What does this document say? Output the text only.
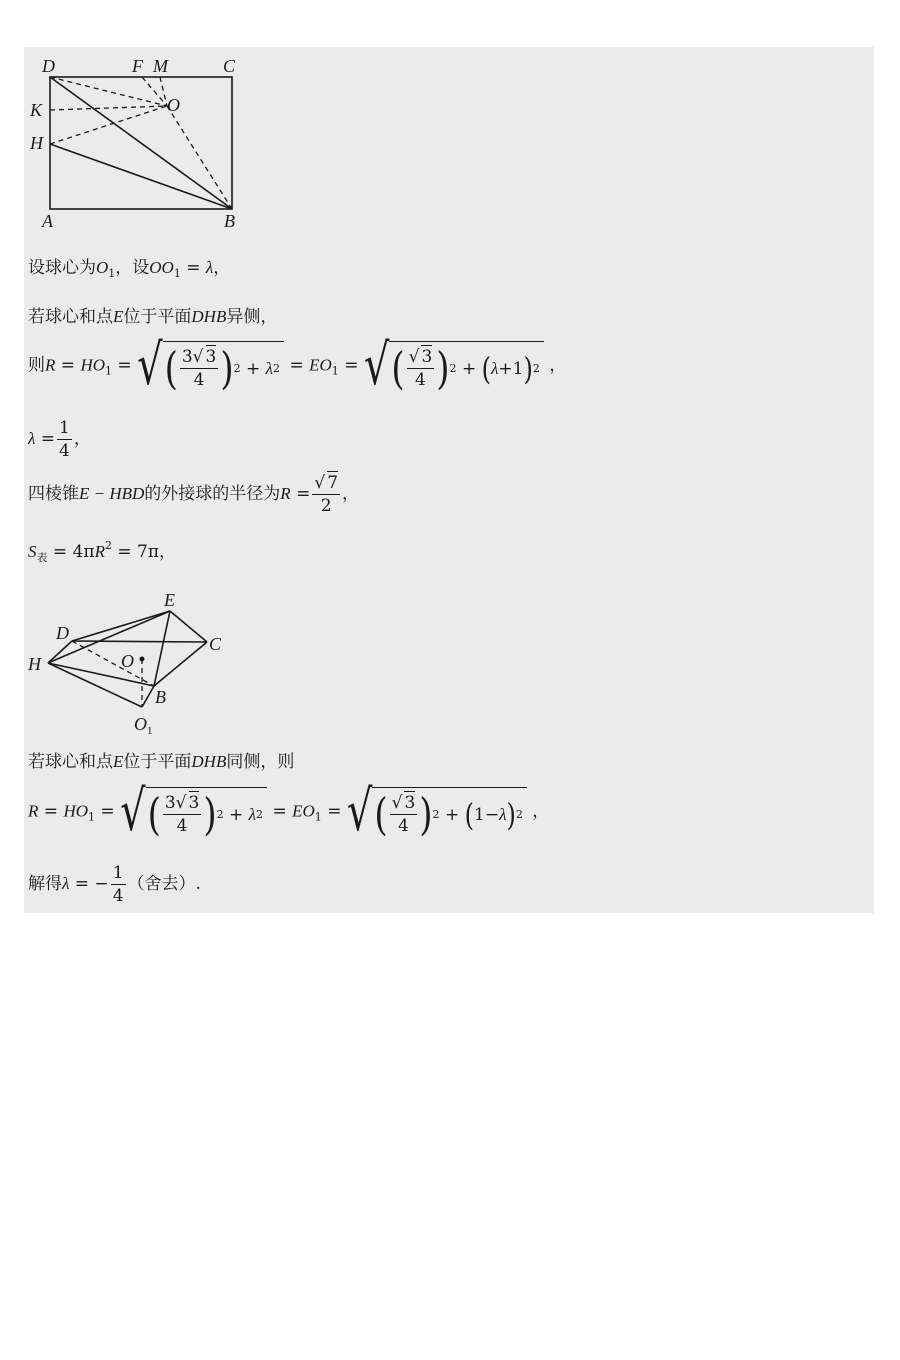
D	F M	C
K	O
H
A	B
设球心为$O_1$，设$OO_1 = \lambda$，
若球心和点E位于平面DHB异侧，
则$R = HO_1$ = √ ( $\frac{3√ 3}{4}$ ) 2
+
λ $2 = EO_1$ = √ ( $\frac{√ 3}{4}$ ) 2
+
( λ + 1 ) 2 ，
$\lambda = \frac{1}{4}$ ，
四棱锥E − HBD的外接球的半径为$R = \frac{√ 7}{2}$ ，
$S_表 = 4\pi R^2 = 7\pi$，
E
D
C
H	O
B
$O_1$
若球心和点E位于平面DHB同侧，则
$R = HO_1$ = √ ( $\frac{3√ 3}{4}$ ) 2
+
λ $2 = EO_1$ = √ ( $\frac{√ 3}{4}$ ) 2
+
( 1 − λ ) 2 ，
解得λ = − $\frac{1}{4}$ （舍去）.
